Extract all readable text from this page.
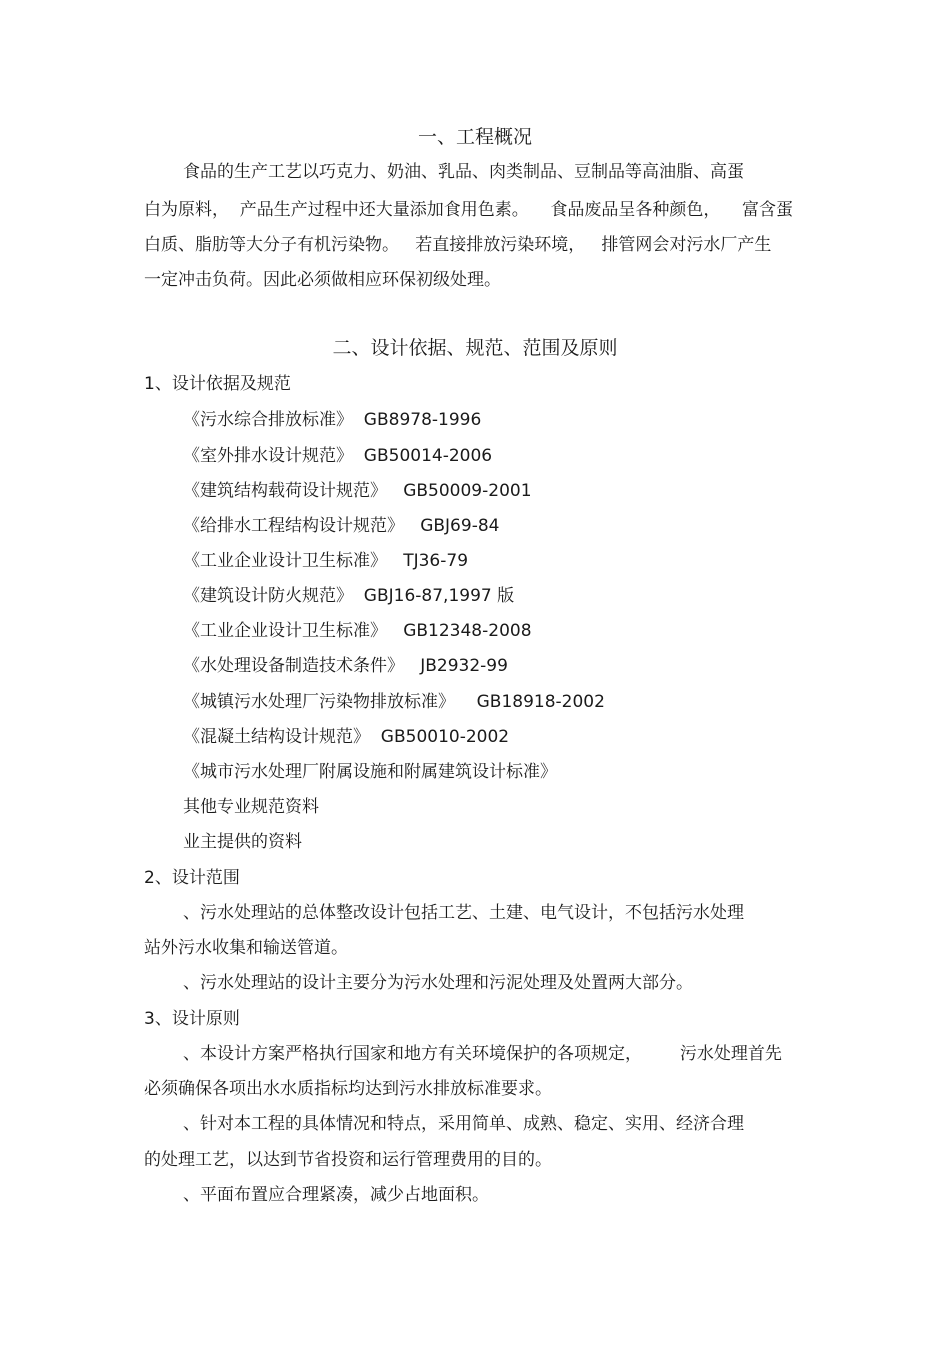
一、工程概况
食品的生产工艺以巧克力、奶油、乳品、肉类制品、豆制品等高油脂、高蛋
白为原料，  产品生产过程中还大量添加食用色素。    食品废品呈各种颜色，    富含蛋
白质、脂肪等大分子有机污染物。   若直接排放污染环境，   排管网会对污水厂产生
一定冲击负荷。因此必须做相应环保初级处理。
二、设计依据、规范、范围及原则
1、设计依据及规范
《污水综合排放标准》  GB8978-1996
《室外排水设计规范》  GB50014-2006
《建筑结构载荷设计规范》   GB50009-2001
《给排水工程结构设计规范》   GBJ69-84
《工业企业设计卫生标准》   TJ36-79
《建筑设计防火规范》  GBJ16-87,1997 版
《工业企业设计卫生标准》   GB12348-2008
《水处理设备制造技术条件》   JB2932-99
《城镇污水处理厂污染物排放标准》    GB18918-2002
《混凝土结构设计规范》  GB50010-2002
《城市污水处理厂附属设施和附属建筑设计标准》
其他专业规范资料
业主提供的资料
2、设计范围
、污水处理站的总体整改设计包括工艺、土建、电气设计，不包括污水处理
站外污水收集和输送管道。
、污水处理站的设计主要分为污水处理和污泥处理及处置两大部分。
3、设计原则
、本设计方案严格执行国家和地方有关环境保护的各项规定，       污水处理首先
必须确保各项出水水质指标均达到污水排放标准要求。
、针对本工程的具体情况和特点，采用简单、成熟、稳定、实用、经济合理
的处理工艺，以达到节省投资和运行管理费用的目的。
、平面布置应合理紧凑，减少占地面积。
